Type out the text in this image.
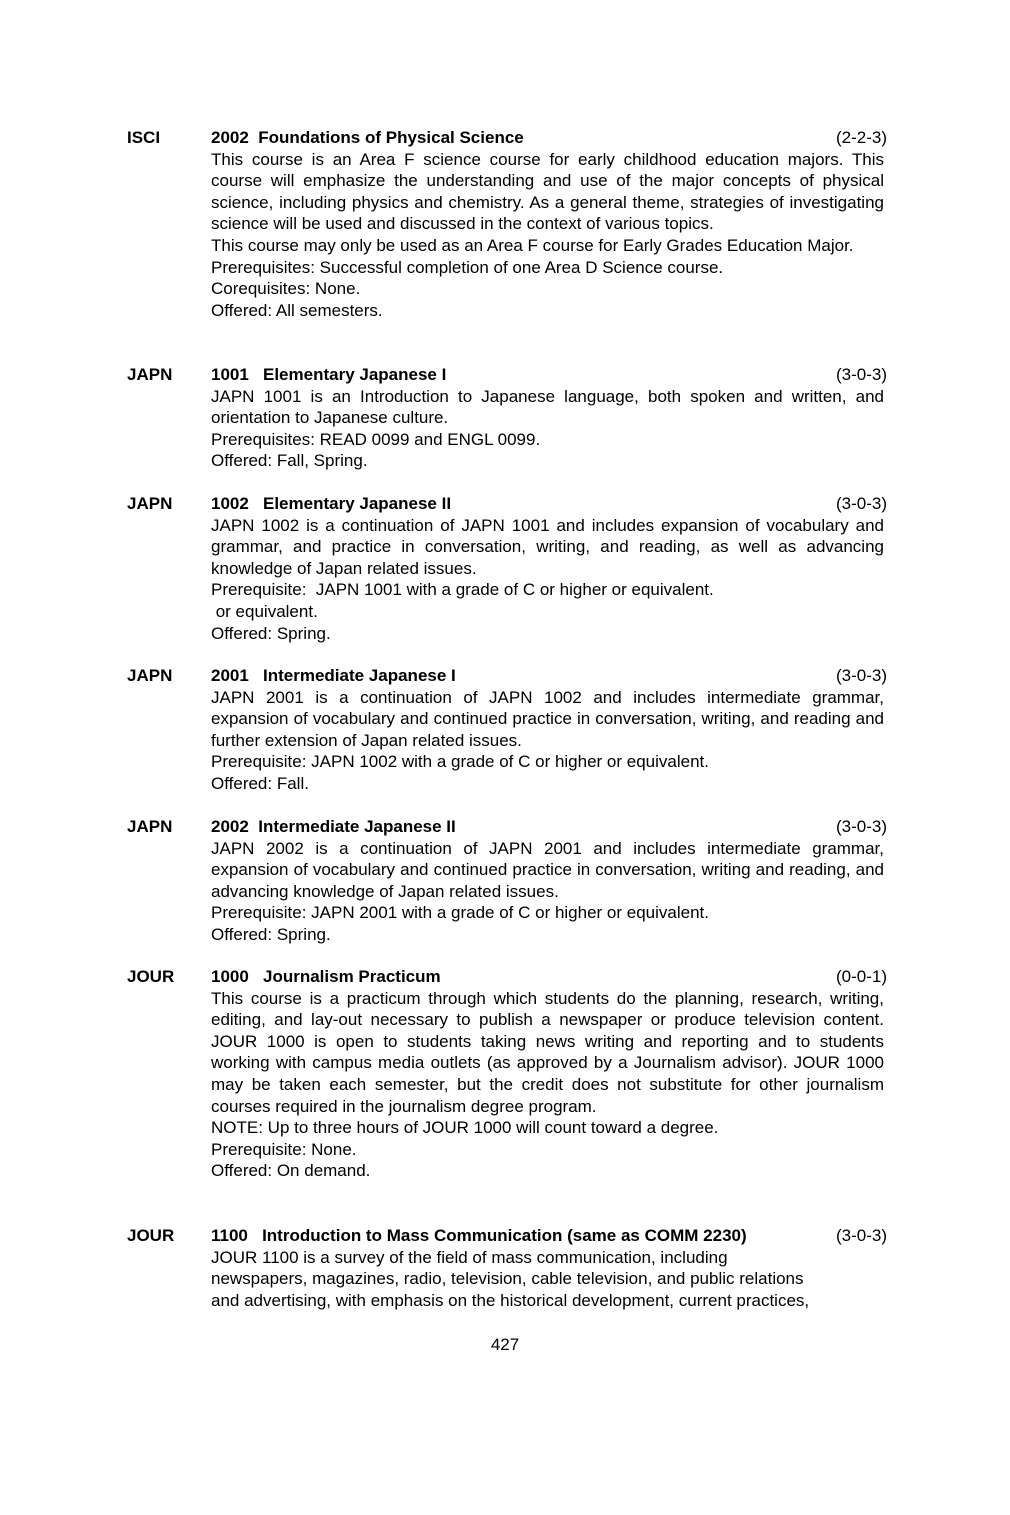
ISCI	2002 Foundations of Physical Science	(2-2-3)
This course is an Area F science course for early childhood education majors. This course will emphasize the understanding and use of the major concepts of physical science, including physics and chemistry. As a general theme, strategies of investigating science will be used and discussed in the context of various topics.
This course may only be used as an Area F course for Early Grades Education Major.
Prerequisites: Successful completion of one Area D Science course.
Corequisites: None.
Offered: All semesters.
JAPN 1001 Elementary Japanese I	(3-0-3)
JAPN 1001 is an Introduction to Japanese language, both spoken and written, and orientation to Japanese culture.
Prerequisites: READ 0099 and ENGL 0099.
Offered: Fall, Spring.
JAPN 1002 Elementary Japanese II	(3-0-3)
JAPN 1002 is a continuation of JAPN 1001 and includes expansion of vocabulary and grammar, and practice in conversation, writing, and reading, as well as advancing knowledge of Japan related issues.
Prerequisite:  JAPN 1001 with a grade of C or higher or equivalent.
or equivalent.
Offered: Spring.
JAPN 2001 Intermediate Japanese I	(3-0-3)
JAPN 2001 is a continuation of JAPN 1002 and includes intermediate grammar, expansion of vocabulary and continued practice in conversation, writing, and reading and further extension of Japan related issues.
Prerequisite: JAPN 1002 with a grade of C or higher or equivalent.
Offered: Fall.
JAPN 2002 Intermediate Japanese II	(3-0-3)
JAPN 2002 is a continuation of JAPN 2001 and includes intermediate grammar, expansion of vocabulary and continued practice in conversation, writing and reading, and advancing knowledge of Japan related issues.
Prerequisite: JAPN 2001 with a grade of C or higher or equivalent.
Offered: Spring.
JOUR 1000 Journalism Practicum	(0-0-1)
This course is a practicum through which students do the planning, research, writing, editing, and lay-out necessary to publish a newspaper or produce television content. JOUR 1000 is open to students taking news writing and reporting and to students working with campus media outlets (as approved by a Journalism advisor). JOUR 1000 may be taken each semester, but the credit does not substitute for other journalism courses required in the journalism degree program.
NOTE: Up to three hours of JOUR 1000 will count toward a degree.
Prerequisite: None.
Offered: On demand.
JOUR 1100 Introduction to Mass Communication (same as COMM 2230)	(3-0-3)
JOUR 1100 is a survey of the field of mass communication, including
newspapers, magazines, radio, television, cable television, and public relations
and advertising, with emphasis on the historical development, current practices,
427
